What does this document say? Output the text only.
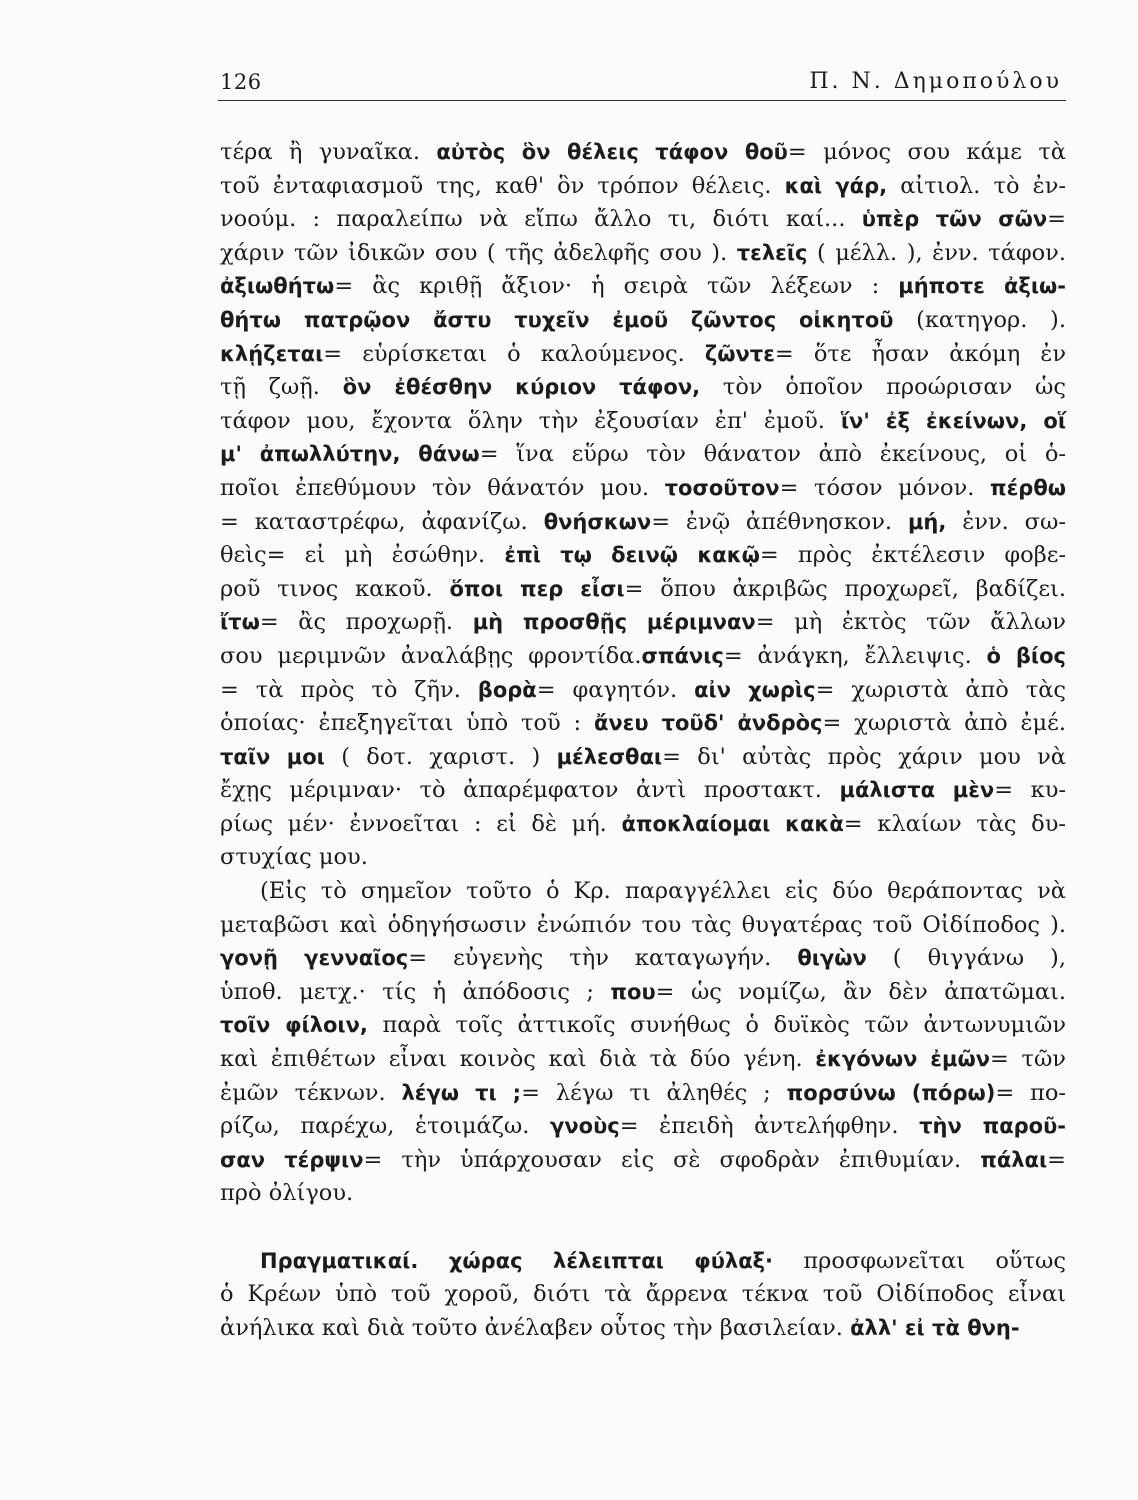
126	Π. Ν. Δημοπούλου
τέρα ἢ γυναῖκα. αὐτὸς ὃν θέλεις τάφον θοῦ= μόνος σου κάμε τὰ
τοῦ ἐνταφιασμοῦ της, καθ' ὃν τρόπον θέλεις. καὶ γάρ, αἰτιολ. τὸ ἐν-
νοούμ. : παραλείπω νὰ εἴπω ἄλλο τι, διότι καί... ὑπὲρ τῶν σῶν=
χάριν τῶν ἰδικῶν σου ( τῆς ἀδελφῆς σου ). τελεῖς ( μέλλ. ), ἐνν. τάφον.
ἀξιωθήτω= ἂς κριθῇ ἄξιον· ἡ σειρὰ τῶν λέξεων : μήποτε ἀξιω-
θήτω πατρῷον ἄστυ τυχεῖν ἐμοῦ ζῶντος οἰκητοῦ (κατηγορ. ).
κλῄζεται= εὑρίσκεται ὁ καλούμενος. ζῶντε= ὅτε ἦσαν ἀκόμη ἐν
τῇ ζωῇ. ὃν ἐθέσθην κύριον τάφον, τὸν ὁποῖον προώρισαν ὡς
τάφον μου, ἔχοντα ὅλην τὴν ἐξουσίαν ἐπ' ἐμοῦ. ἵν' ἐξ ἐκείνων, οἵ
μ' ἀπωλλύτην, θάνω= ἵνα εὕρω τὸν θάνατον ἀπὸ ἐκείνους, οἱ ὁ-
ποῖοι ἐπεθύμουν τὸν θάνατόν μου. τοσοῦτον= τόσον μόνον. πέρθω
= καταστρέφω, ἀφανίζω. θνήσκων= ἐνῷ ἀπέθνησκον. μή, ἐνν. σω-
θεὶς= εἰ μὴ ἐσώθην. ἐπὶ τῳ δεινῷ κακῷ= πρὸς ἐκτέλεσιν φοβε-
ροῦ τινος κακοῦ. ὅποι περ εἶσι= ὅπου ἀκριβῶς προχωρεῖ, βαδίζει.
ἴτω= ἂς προχωρῇ. μὴ προσθῇς μέριμναν= μὴ ἐκτὸς τῶν ἄλλων
σου μεριμνῶν ἀναλάβῃς φροντίδα.σπάνις= ἀνάγκη, ἔλλειψις. ὁ βίος
= τὰ πρὸς τὸ ζῆν. βορὰ= φαγητόν. αἰν χωρὶς= χωριστὰ ἀπὸ τὰς
ὁποίας· ἐπεξηγεῖται ὑπὸ τοῦ : ἄνευ τοῦδ' ἀνδρὸς= χωριστὰ ἀπὸ ἐμέ.
ταῖν μοι ( δοτ. χαριστ. ) μέλεσθαι= δι' αὐτὰς πρὸς χάριν μου νὰ
ἔχῃς μέριμναν· τὸ ἀπαρέμφατον ἀντὶ προστακτ. μάλιστα μὲν= κυ-
ρίως μέν· ἐννοεῖται : εἰ δὲ μή. ἀποκλαίομαι κακὰ= κλαίων τὰς δυ-
στυχίας μου.
(Εἰς τὸ σημεῖον τοῦτο ὁ Κρ. παραγγέλλει εἰς δύο θεράποντας νὰ
μεταβῶσι καὶ ὁδηγήσωσιν ἐνώπιόν του τὰς θυγατέρας τοῦ Οἰδίποδος ).
γονῇ γενναῖος= εὐγενὴς τὴν καταγωγήν. θιγὼν ( θιγγάνω ),
ὑποθ. μετχ.· τίς ἡ ἀπόδοσις ; που= ὡς νομίζω, ἂν δὲν ἀπατῶμαι.
τοῖν φίλοιν, παρὰ τοῖς ἀττικοῖς συνήθως ὁ δυϊκὸς τῶν ἀντωνυμιῶν
καὶ ἐπιθέτων εἶναι κοινὸς καὶ διὰ τὰ δύο γένη. ἐκγόνων ἐμῶν= τῶν
ἐμῶν τέκνων. λέγω τι ;= λέγω τι ἀληθές ; πορσύνω (πόρω)= πο-
ρίζω, παρέχω, ἑτοιμάζω. γνοὺς= ἐπειδὴ ἀντελήφθην. τὴν παροῦ-
σαν τέρψιν= τὴν ὑπάρχουσαν εἰς σὲ σφοδρὰν ἐπιθυμίαν. πάλαι=
πρὸ ὀλίγου.
Πραγματικαί. χώρας λέλειπται φύλαξ· προσφωνεῖται οὕτως
ὁ Κρέων ὑπὸ τοῦ χοροῦ, διότι τὰ ἄρρενα τέκνα τοῦ Οἰδίποδος εἶναι
ἀνήλικα καὶ διὰ τοῦτο ἀνέλαβεν οὗτος τὴν βασιλείαν. ἀλλ' εἰ τὰ θνη-
